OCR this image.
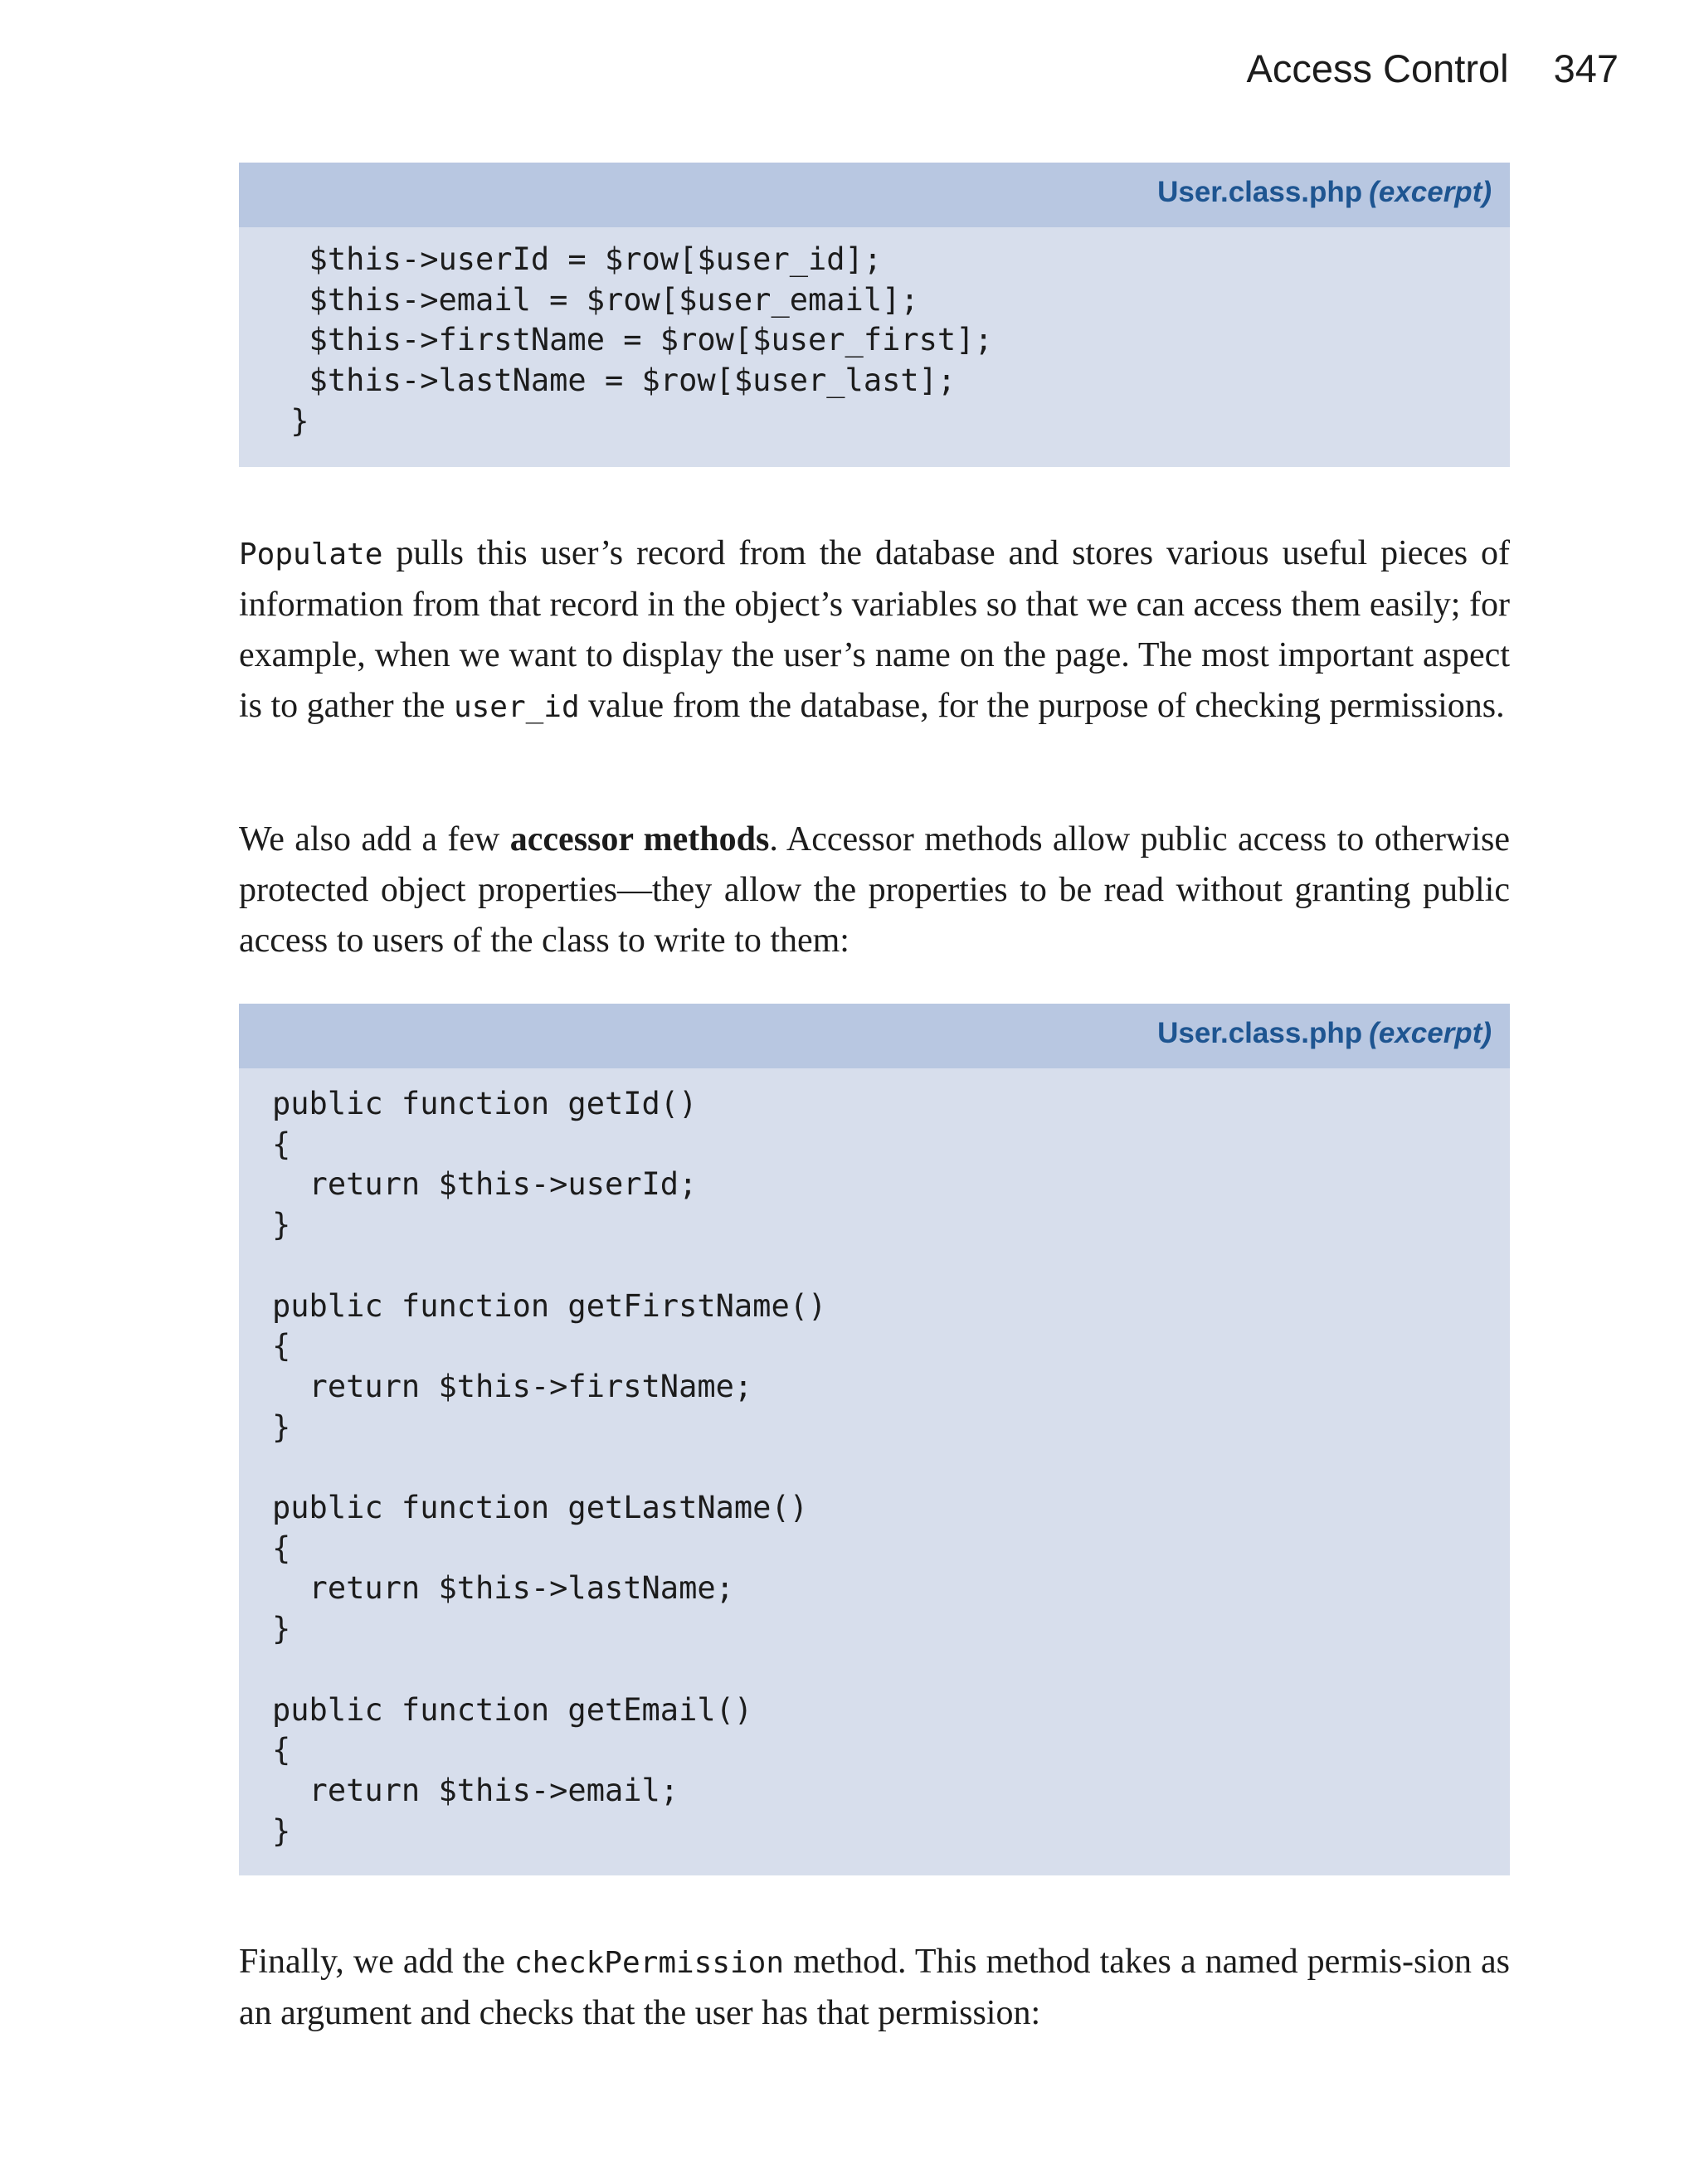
Access Control 347
User.class.php (excerpt)
$this->userId = $row[$user_id];
$this->email = $row[$user_email];
$this->firstName = $row[$user_first];
$this->lastName = $row[$user_last];
}

Populate pulls this user’s record from the database and stores various useful pieces of information from that record in the object’s variables so that we can access them easily; for example, when we want to display the user’s name on the page. The most important aspect is to gather the user_id value from the database, for the purpose of checking permissions.

We also add a few accessor methods. Accessor methods allow public access to otherwise protected object properties—they allow the properties to be read without granting public access to users of the class to write to them:

User.class.php (excerpt)
public function getId()
{
return $this->userId;
}

public function getFirstName()
{
return $this->firstName;
}

public function getLastName()
{
return $this->lastName;
}

public function getEmail()
{
return $this->email;
}

Finally, we add the checkPermission method. This method takes a named permis-sion as an argument and checks that the user has that permission:
